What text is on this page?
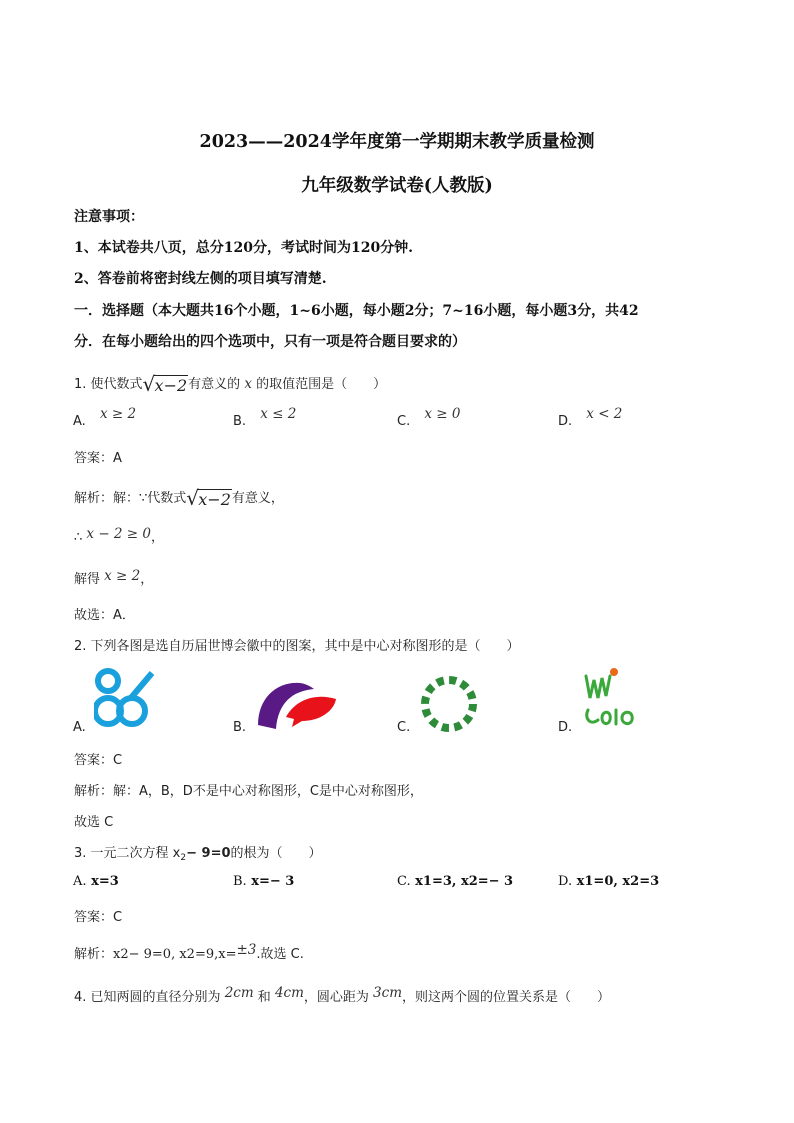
2023——2024学年度第一学期期末教学质量检测
九年级数学试卷(人教版)
注意事项：
1、本试卷共八页，总分120分，考试时间为120分钟.
2、答卷前将密封线左侧的项目填写清楚.
一．选择题（本大题共16个小题，1~6小题，每小题2分；7~16小题，每小题3分，共42
分．在每小题给出的四个选项中，只有一项是符合题目要求的）
1. 使代数式 √ x−2有意义的 x 的取值范围是（　　）
A. x ≥ 2	B. x ≤ 2	C. x ≥ 0	D. x < 2
答案：A
解析：解：∵代数式 √ x−2有意义，
∴ x − 2 ≥ 0，
解得 x ≥ 2，
故选：A．
2. 下列各图是选自历届世博会徽中的图案，其中是中心对称图形的是（　　）
A.	B.	C.	D.
答案：C
解析：解：A，B，D不是中心对称图形，C是中心对称图形，
故选 C
3. 一元二次方程 $x_2- 9=0$的根为（　　）
A. x=3	B. x=− 3	C. x1=3, x2=− 3	D. x1=0, x2=3
答案：C
解析：x2− 9=0, x2=9,x=±3.故选 C.
4. 已知两圆的直径分别为 2cm 和 4cm，圆心距为 3cm，则这两个圆的位置关系是（　　）
